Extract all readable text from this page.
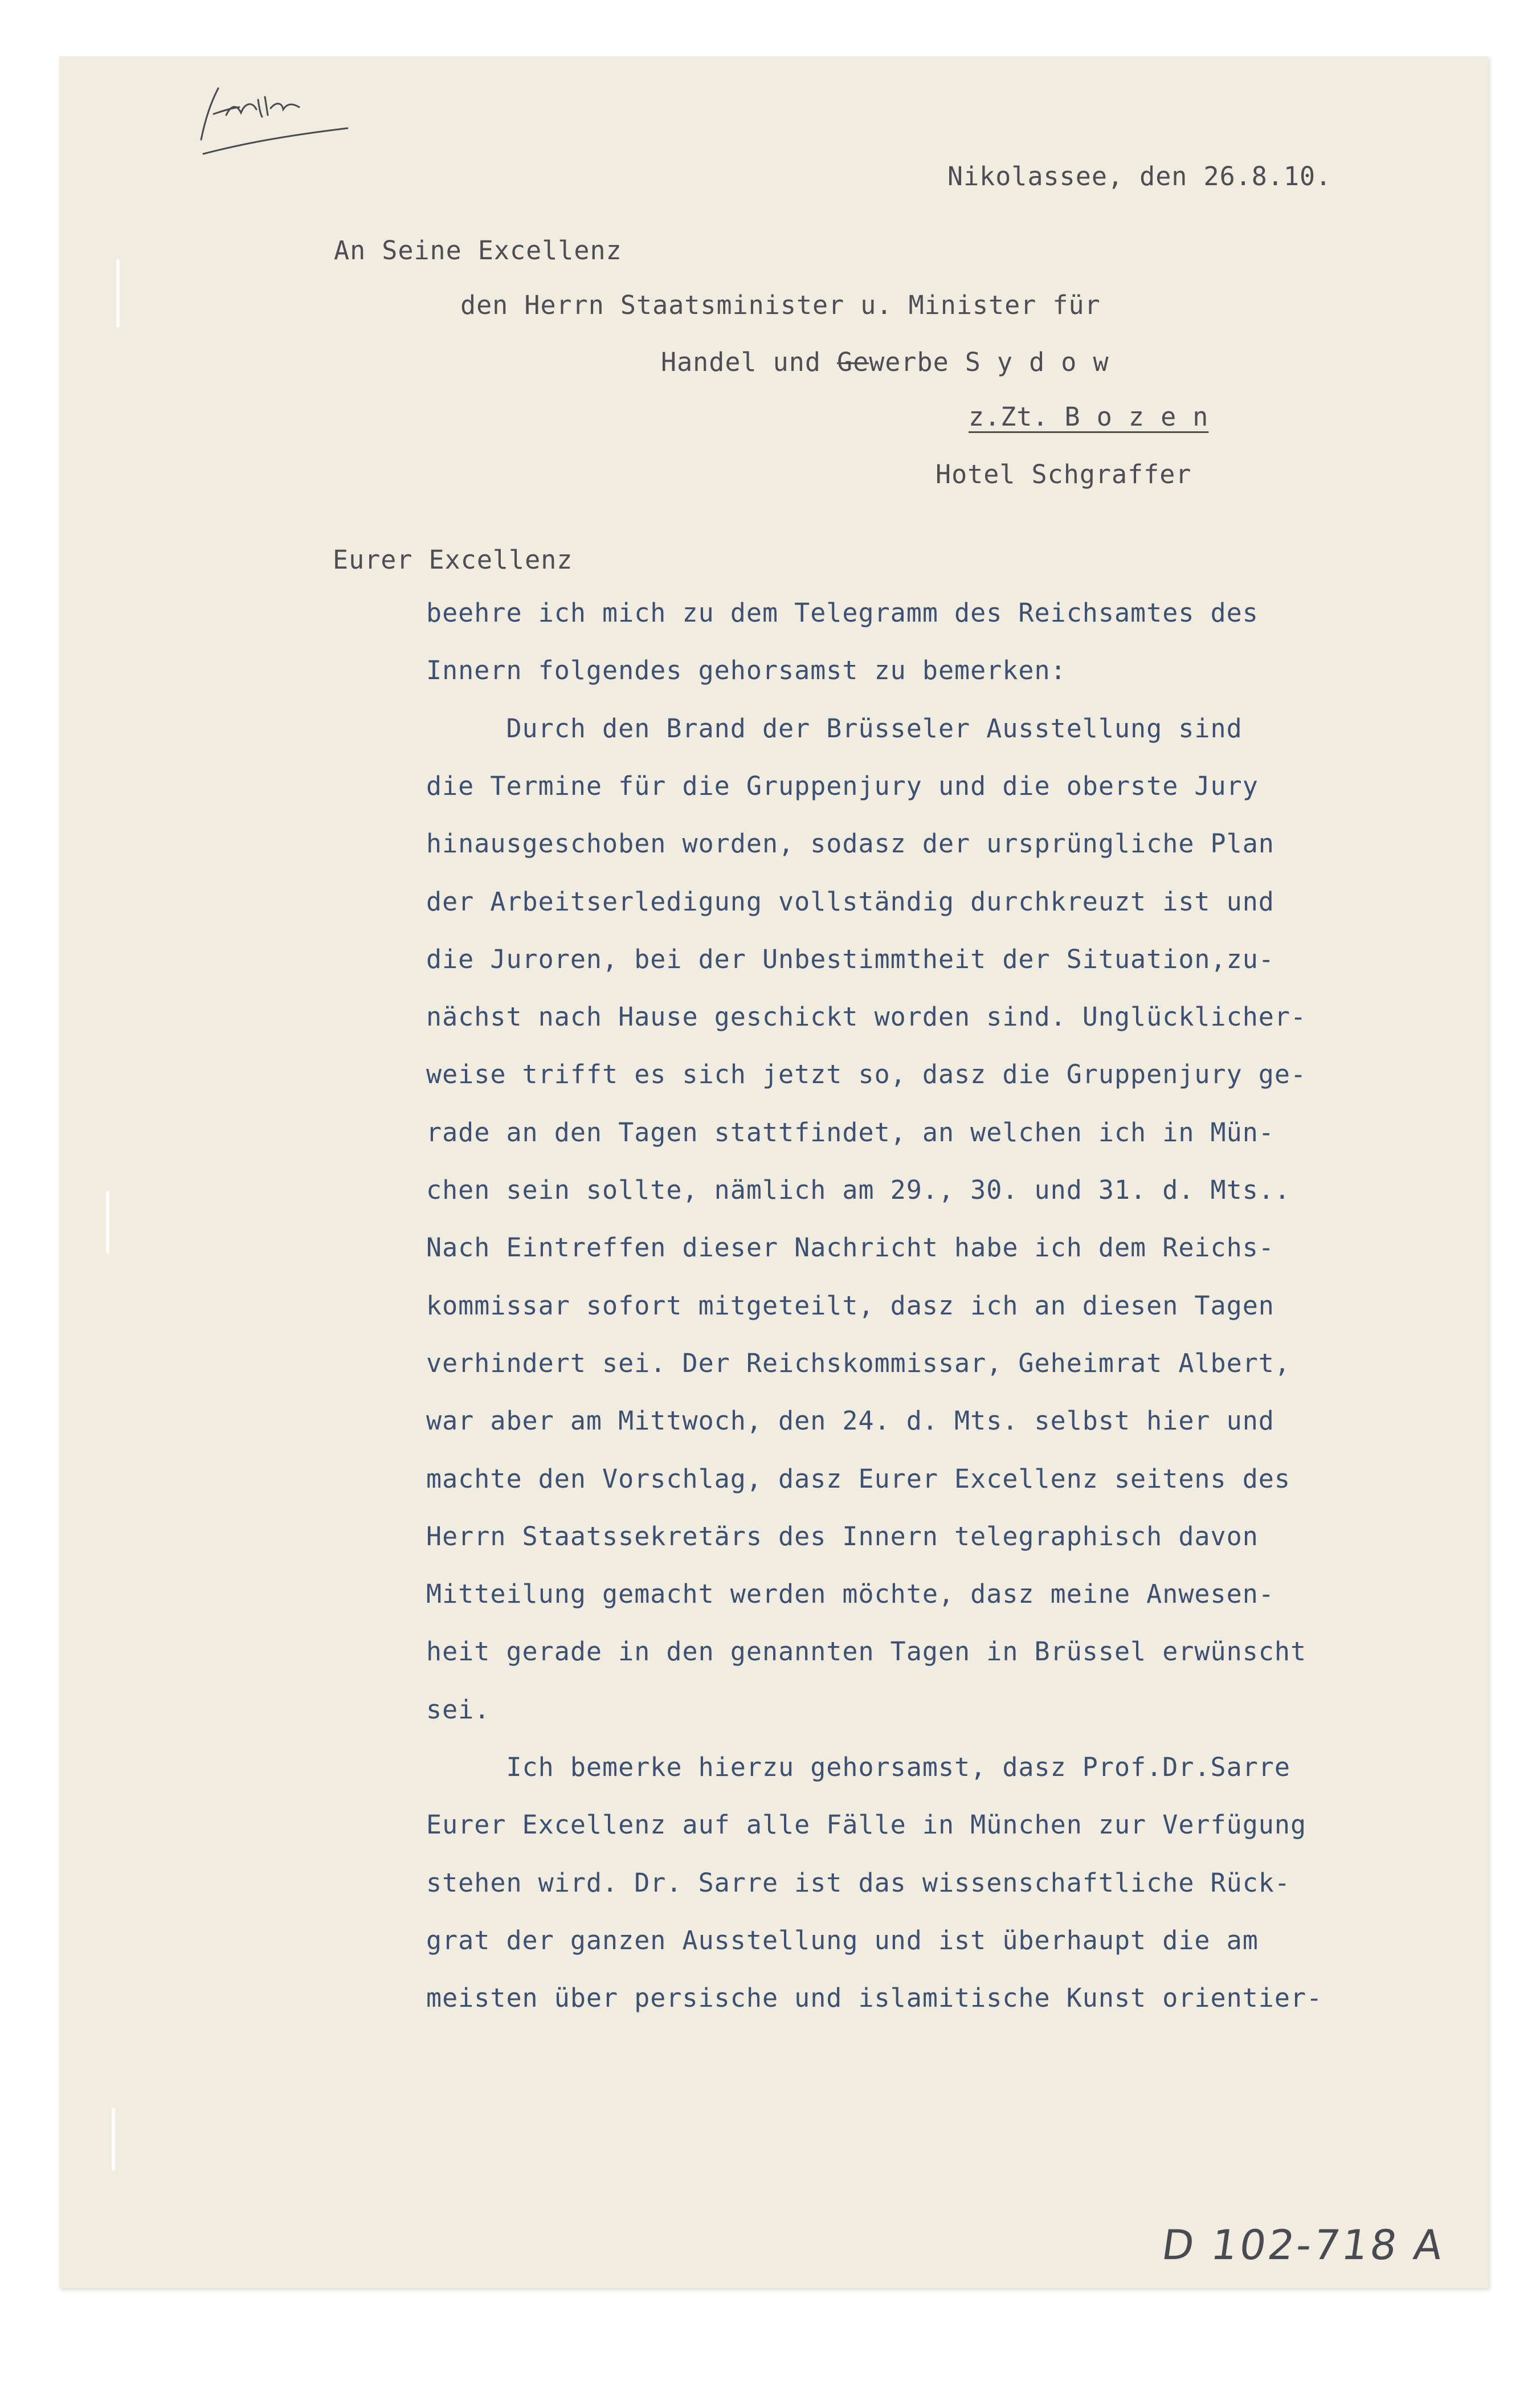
Nikolassee, den 26.8.10.
An Seine Excellenz
den Herrn Staatsminister u. Minister für
Handel und Gewerbe S y d o w
z.Zt. B o z e n
Hotel Schgraffer
Eurer Excellenz
beehre ich mich zu dem Telegramm des Reichsamtes des
Innern folgendes gehorsamst zu bemerken:
Durch den Brand der Brüsseler Ausstellung sind
die Termine für die Gruppenjury und die oberste Jury
hinausgeschoben worden, sodasz der ursprüngliche Plan
der Arbeitserledigung vollständig durchkreuzt ist und
die Juroren, bei der Unbestimmtheit der Situation,zu-
nächst nach Hause geschickt worden sind. Unglücklicher-
weise trifft es sich jetzt so, dasz die Gruppenjury ge-
rade an den Tagen stattfindet, an welchen ich in Mün-
chen sein sollte, nämlich am 29., 30. und 31. d. Mts..
Nach Eintreffen dieser Nachricht habe ich dem Reichs-
kommissar sofort mitgeteilt, dasz ich an diesen Tagen
verhindert sei. Der Reichskommissar, Geheimrat Albert,
war aber am Mittwoch, den 24. d. Mts. selbst hier und
machte den Vorschlag, dasz Eurer Excellenz seitens des
Herrn Staatssekretärs des Innern telegraphisch davon
Mitteilung gemacht werden möchte, dasz meine Anwesen-
heit gerade in den genannten Tagen in Brüssel erwünscht
sei.
Ich bemerke hierzu gehorsamst, dasz Prof.Dr.Sarre
Eurer Excellenz auf alle Fälle in München zur Verfügung
stehen wird. Dr. Sarre ist das wissenschaftliche Rück-
grat der ganzen Ausstellung und ist überhaupt die am
meisten über persische und islamitische Kunst orientier-
D 102-718 A
